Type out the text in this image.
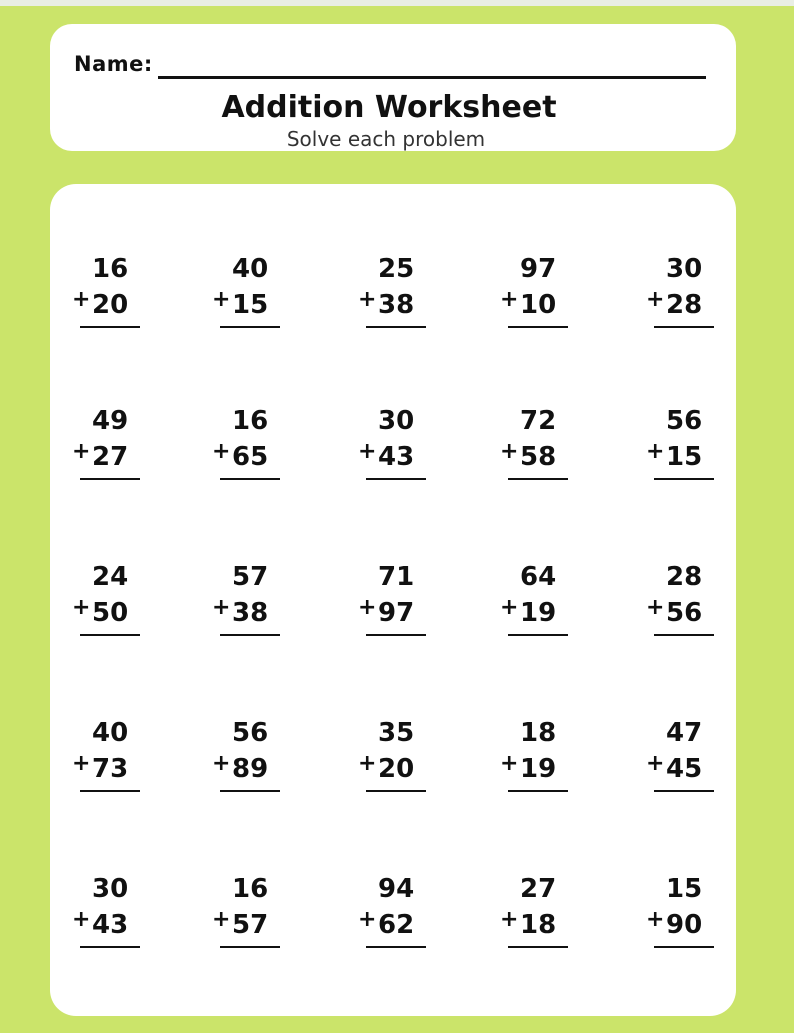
Name:
Addition Worksheet
Solve each problem
16
+ 20
40
+ 15
25
+ 38
97
+ 10
30
+ 28
49
+ 27
16
+ 65
30
+ 43
72
+ 58
56
+ 15
24
+ 50
57
+ 38
71
+ 97
64
+ 19
28
+ 56
40
+ 73
56
+ 89
35
+ 20
18
+ 19
47
+ 45
30
+ 43
16
+ 57
94
+ 62
27
+ 18
15
+ 90
